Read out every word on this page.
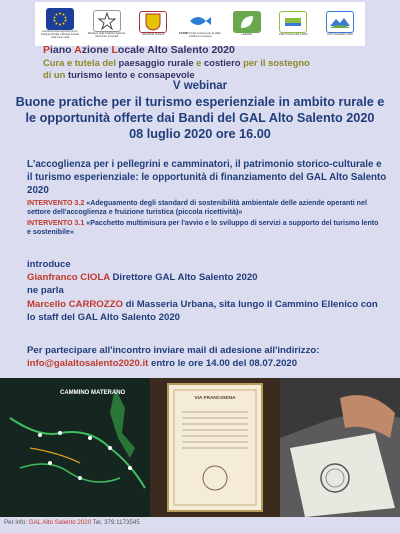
Fondo Europeo Agricolo per lo Sviluppo Rurale: l'Europa investe nelle zone rurali
Ministero delle Politiche Agricole, Alimentari, Forestali	REGIONE PUGLIA	FEAMP Fondo europeo per gli affari marittimi e la pesca	LEADER	PSR PUGLIA 2014 2020	ALTO SALENTO 2020
Piano Azione Locale Alto Salento 2020
Cura e tutela del paesaggio rurale e costiero per il sostegno
di un turismo lento e consapevole
V webinar
Buone pratiche per il turismo esperienziale in ambito rurale e
le opportunità offerte dai Bandi del GAL Alto Salento 2020
08 luglio 2020 ore 16.00
L'accoglienza per i pellegrini e camminatori, il patrimonio storico-culturale e il turismo esperienziale: le opportunità di finanziamento del GAL Alto Salento 2020
INTERVENTO 3.2 «Adeguamento degli standard di sostenibilità ambientale delle aziende operanti nel settore dell'accoglienza e fruizione turistica (piccola ricettività)»
INTERVENTO 3.1 «Pacchetto multimisura per l'avvio e lo sviluppo di servizi a supporto del turismo lento e sostenibile»
introduce
Gianfranco CIOLA Direttore GAL Alto Salento 2020
ne parla
Marcello CARROZZO di Masseria Urbana, sita lungo il Cammino Ellenico con lo staff del GAL Alto Salento 2020
Per partecipare all'incontro inviare mail di adesione all'indirizzo:
info@galaltosalento2020.it entro le ore 14.00 del 08.07.2020
CAMMINO MATERANO
VIA FRANCIGENA
Per info: GAL Alto Salento 2020 Tel. 379.1173545
